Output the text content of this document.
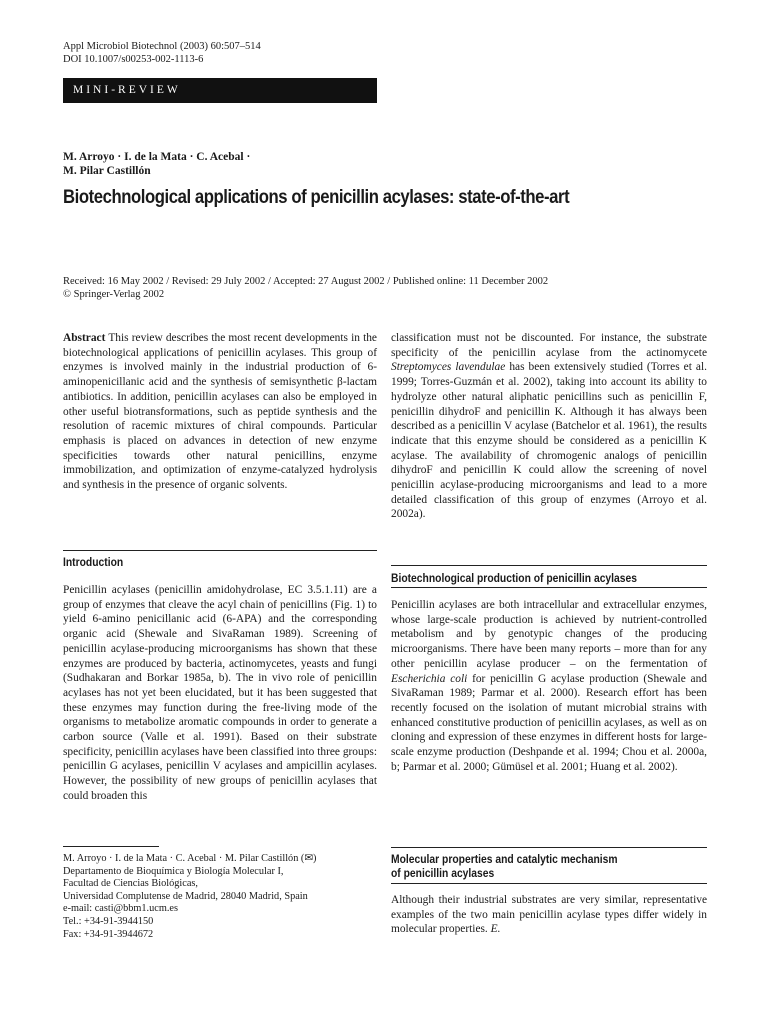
Appl Microbiol Biotechnol (2003) 60:507–514
DOI 10.1007/s00253-002-1113-6
MINI-REVIEW
M. Arroyo · I. de la Mata · C. Acebal ·
M. Pilar Castillón
Biotechnological applications of penicillin acylases: state-of-the-art
Received: 16 May 2002 / Revised: 29 July 2002 / Accepted: 27 August 2002 / Published online: 11 December 2002
© Springer-Verlag 2002

Abstract This review describes the most recent developments in the biotechnological applications of penicillin acylases. This group of enzymes is involved mainly in the industrial production of 6-aminopenicillanic acid and the synthesis of semisynthetic β-lactam antibiotics. In addition, penicillin acylases can also be employed in other useful biotransformations, such as peptide synthesis and the resolution of racemic mixtures of chiral compounds. Particular emphasis is placed on advances in detection of new enzyme specificities towards other natural penicillins, enzyme immobilization, and optimization of enzyme-catalyzed hydrolysis and synthesis in the presence of organic solvents.

Introduction

Penicillin acylases (penicillin amidohydrolase, EC 3.5.1.11) are a group of enzymes that cleave the acyl chain of penicillins (Fig. 1) to yield 6-amino penicillanic acid (6-APA) and the corresponding organic acid (Shewale and SivaRaman 1989). Screening of penicillin acylase-producing microorganisms has shown that these enzymes are produced by bacteria, actinomycetes, yeasts and fungi (Sudhakaran and Borkar 1985a, b). The in vivo role of penicillin acylases has not yet been elucidated, but it has been suggested that these enzymes may function during the free-living mode of the organisms to metabolize aromatic compounds in order to generate a carbon source (Valle et al. 1991). Based on their substrate specificity, penicillin acylases have been classified into three groups: penicillin G acylases, penicillin V acylases and ampicillin acylases. However, the possibility of new groups of penicillin acylases that could broaden this

M. Arroyo · I. de la Mata · C. Acebal · M. Pilar Castillón (✉)
Departamento de Bioquímica y Biología Molecular I,
Facultad de Ciencias Biológicas,
Universidad Complutense de Madrid, 28040 Madrid, Spain
e-mail: casti@bbm1.ucm.es
Tel.: +34-91-3944150
Fax: +34-91-3944672

classification must not be discounted. For instance, the substrate specificity of the penicillin acylase from the actinomycete Streptomyces lavendulae has been extensively studied (Torres et al. 1999; Torres-Guzmán et al. 2002), taking into account its ability to hydrolyze other natural aliphatic penicillins such as penicillin F, penicillin dihydroF and penicillin K. Although it has always been described as a penicillin V acylase (Batchelor et al. 1961), the results indicate that this enzyme should be considered as a penicillin K acylase. The availability of chromogenic analogs of penicillin dihydroF and penicillin K could allow the screening of novel penicillin acylase-producing microorganisms and lead to a more detailed classification of this group of enzymes (Arroyo et al. 2002a).

Biotechnological production of penicillin acylases

Penicillin acylases are both intracellular and extracellular enzymes, whose large-scale production is achieved by nutrient-controlled metabolism and by genotypic changes of the producing microorganisms. There have been many reports – more than for any other penicillin acylase producer – on the fermentation of Escherichia coli for penicillin G acylase production (Shewale and SivaRaman 1989; Parmar et al. 2000). Research effort has been recently focused on the isolation of mutant microbial strains with enhanced constitutive production of penicillin acylases, as well as on cloning and expression of these enzymes in different hosts for large-scale enzyme production (Deshpande et al. 1994; Chou et al. 2000a, b; Parmar et al. 2000; Gümüsel et al. 2001; Huang et al. 2002).

Molecular properties and catalytic mechanism
of penicillin acylases

Although their industrial substrates are very similar, representative examples of the two main penicillin acylase types differ widely in molecular properties. E.
